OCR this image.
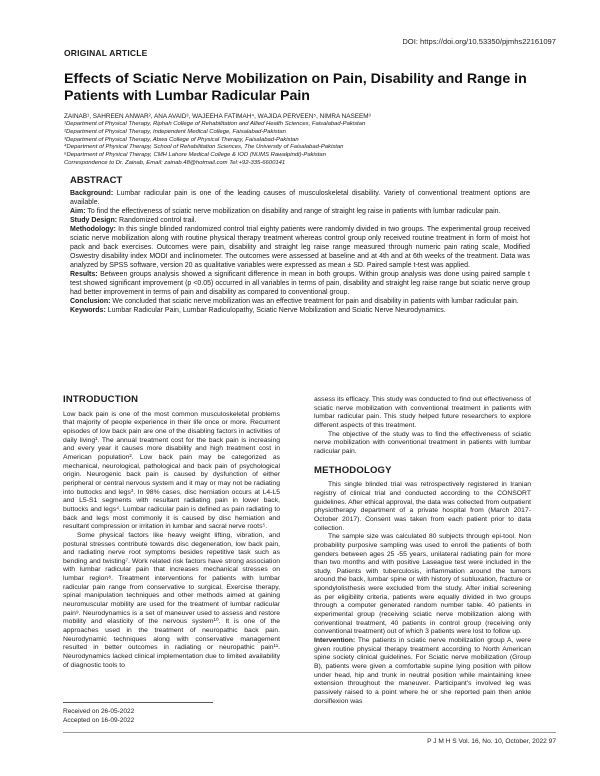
DOI: https://doi.org/10.53350/pjmhs22161097
ORIGINAL ARTICLE
Effects of Sciatic Nerve Mobilization on Pain, Disability and Range in Patients with Lumbar Radicular Pain
ZAINAB¹, SAHREEN ANWAR², ANA AVAID³, WAJEEHA FATIMAH⁴, WAJIDA PERVEEN⁵, NIMRA NASEEM³

¹Department of Physical Therapy, Riphah College of Rehabilitation and Allied Health Sciences, Faisalabad-Pakistan

²Department of Physical Therapy, Independent Medical College, Faisalabad-Pakistan

³Department of Physical Therapy, Abwa College of Physical Therapy, Faisalabad-Pakistan

⁴Department of Physical Therapy, School of Rehabilitation Sciences, The University of Faisalabad-Pakistan

⁵Department of Physical Therapy, CMH Lahore Medical College & IOD (NUMS Rawalpindi)-Pakistan

Correspondence to Dr. Zainab, Email: zainab.48@hotmail.com Tel:+92-335-6600141

ABSTRACT

Background: Lumbar radicular pain is one of the leading causes of musculoskeletal disability. Variety of conventional treatment options are available.

Aim: To find the effectiveness of sciatic nerve mobilization on disability and range of straight leg raise in patients with lumbar radicular pain.

Study Design: Randomized control trail.

Methodology: In this single blinded randomized control trial eighty patients were randomly divided in two groups. The experimental group received sciatic nerve mobilization along with routine physical therapy treatment whereas control group only received routine treatment in form of moist hot pack and back exercises. Outcomes were pain, disability and straight leg raise range measured through numeric pain rating scale, Modified Oswestry disability index MODI and inclinometer. The outcomes were assessed at baseline and at 4th and at 6th weeks of the treatment. Data was analyzed by SPSS software, version 20 as qualitative variables were expressed as mean ± SD. Paired sample t-test was applied.

Results: Between groups analysis showed a significant difference in mean in both groups. Within group analysis was done using paired sample t test showed significant improvement (p <0.05) occurred in all variables in terms of pain, disability and straight leg raise range but sciatic nerve group had better improvement in terms of pain and disability as compared to conventional group.

Conclusion: We concluded that sciatic nerve mobilization was an effective treatment for pain and disability in patients with lumbar radicular pain.

Keywords: Lumbar Radicular Pain, Lumbar Radiculopathy, Sciatic Nerve Mobilization and Sciatic Nerve Neurodynamics.

INTRODUCTION

Low back pain is one of the most common musculoskeletal problems that majority of people experience in their life once or more. Recurrent episodes of low back pain are one of the disabling factors in activities of daily living¹. The annual treatment cost for the back pain is increasing and every year it causes more disability and high treatment cost in American population². Low back pain may be categorized as mechanical, neurological, pathological and back pain of psychological origin. Neurogenic back pain is caused by dysfunction of either peripheral or central nervous system and it may or may not be radiating into buttocks and legs³. In 98% cases, disc herniation occurs at L4-L5 and L5-S1 segments with resultant radiating pain in lower back, buttocks and legs⁴. Lumbar radicular pain is defined as pain radiating to back and legs most commonly it is caused by disc herniation and resultant compression or irritation in lumbar and sacral nerve roots⁵.

Some physical factors like heavy weight lifting, vibration, and postural stresses contribute towards disc degeneration, low back pain, and radiating nerve root symptoms besides repetitive task such as bending and twisting⁷. Work related risk factors have strong association with lumbar radicular pain that increases mechanical stresses on lumbar region⁸. Treatment interventions for patients with lumbar radicular pain range from conservative to surgical. Exercise therapy, spinal manipulation techniques and other methods aimed at gaining neuromuscular mobility are used for the treatment of lumbar radicular pain⁹. Neurodynamics is a set of maneuver used to assess and restore mobility and elasticity of the nervous system¹⁰. It is one of the approaches used in the treatment of neuropathic back pain. Neurodynamic techniques along with conservative management resulted in better outcomes in radiating or neuropathic pain¹¹. Neurodynamics lacked clinical implementation due to limited availability of diagnostic tools to

Received on 26-05-2022
Accepted on 16-09-2022

assess its efficacy. This study was conducted to find out effectiveness of sciatic nerve mobilization with conventional treatment in patients with lumbar radicular pain. This study helped future researchers to explore different aspects of this treatment.

The objective of the study was to find the effectiveness of sciatic nerve mobilization with conventional treatment in patients with lumbar radicular pain.

METHODOLOGY

This single blinded trial was retrospectively registered in Iranian registry of clinical trial and conducted according to the CONSORT guidelines. After ethical approval, the data was collected from outpatient physiotherapy department of a private hospital from (March 2017-October 2017). Consent was taken from each patient prior to data collection.

The sample size was calculated 80 subjects through epi-tool. Non probability purposive sampling was used to enroll the patients of both genders between ages 25 -55 years, unilateral radiating pain for more than two months and with positive Laseague test were included in the study. Patients with tuberculosis, inflammation around the tumors around the back, lumbar spine or with history of subluxation, fracture or spondylolisthesis were excluded from the study. After initial screening as per eligibility criteria, patients were equally divided in two groups through a computer generated random number table. 40 patients in experimental group (receiving sciatic nerve mobilization along with conventional treatment, 40 patients in control group (receiving only conventional treatment) out of which 3 patients were lost to follow up.

Intervention: The patients in sciatic nerve mobilization group A, were given routine physical therapy treatment according to North American spine society clinical guidelines. For Sciatic nerve mobilization (Group B), patients were given a comfortable supine lying position with pillow under head, hip and trunk in neutral position while maintaining knee extension throughout the maneuver. Participant's involved leg was passively raised to a point where he or she reported pain then ankle dorsiflexion was

P J M H S Vol. 16, No. 10, October, 2022 97
